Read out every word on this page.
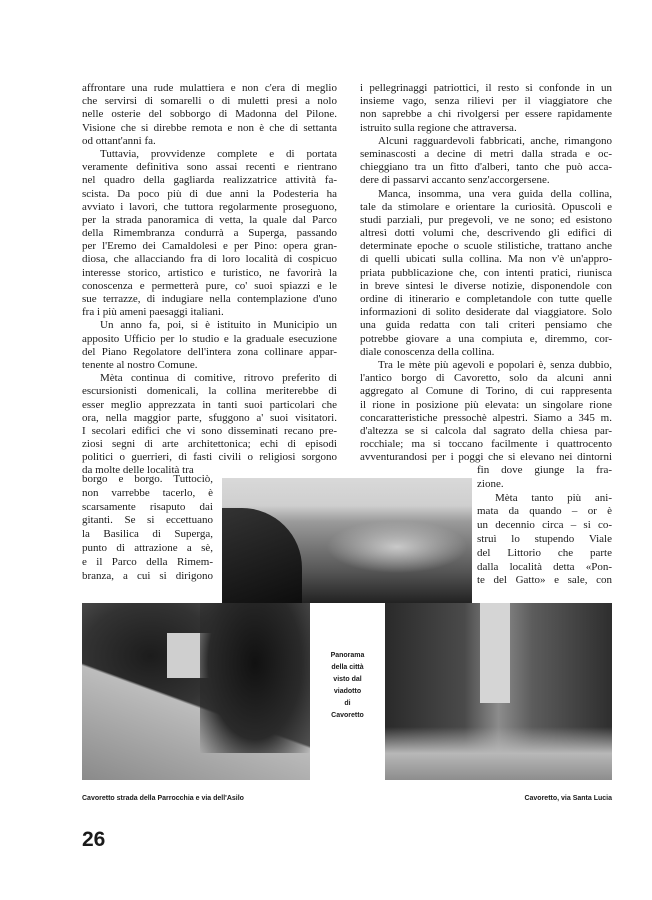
affrontare una rude mulattiera e non c'era di meglio
che servirsi di somarelli o di muletti presi a nolo
nelle osterie del sobborgo di Madonna del Pilone.
Visione che si direbbe remota e non è che di settanta
od ottant'anni fa.
Tuttavia, provvidenze complete e di portata
veramente definitiva sono assai recenti e rientrano
nel quadro della gagliarda realizzatrice attività fa-
scista. Da poco più di due anni la Podesteria ha
avviato i lavori, che tuttora regolarmente proseguono,
per la strada panoramica di vetta, la quale dal Parco
della Rimembranza condurrà a Superga, passando
per l'Eremo dei Camaldolesi e per Pino: opera gran-
diosa, che allacciando fra di loro località di cospicuo
interesse storico, artistico e turistico, ne favorirà la
conoscenza e permetterà pure, co' suoi spiazzi e le
sue terrazze, di indugiare nella contemplazione d'uno
fra i più ameni paesaggi italiani.
Un anno fa, poi, si è istituito in Municipio un
apposito Ufficio per lo studio e la graduale esecuzione
del Piano Regolatore dell'intera zona collinare appar-
tenente al nostro Comune.
Mèta continua di comitive, ritrovo preferito di
escursionisti domenicali, la collina meriterebbe di
esser meglio apprezzata in tanti suoi particolari che
ora, nella maggior parte, sfuggono a' suoi visitatori.
I secolari edifici che vi sono disseminati recano pre-
ziosi segni di arte architettonica; echi di episodi
politici o guerrieri, di fasti civili o religiosi sorgono
da molte delle località tra
borgo e borgo. Tuttociò,
non varrebbe tacerlo, è
scarsamente risaputo dai
gitanti. Se si eccettuano
la Basilica di Superga,
punto di attrazione a sè,
e il Parco della Rimem-
branza, a cui si dirigono
i pellegrinaggi patriottici, il resto si confonde in un
insieme vago, senza rilievi per il viaggiatore che
non saprebbe a chi rivolgersi per essere rapidamente
istruito sulla regione che attraversa.
Alcuni ragguardevoli fabbricati, anche, rimangono
seminascosti a decine di metri dalla strada e oc-
chieggiano tra un fitto d'alberi, tanto che può acca-
dere di passarvi accanto senz'accorgersene.
Manca, insomma, una vera guida della collina,
tale da stimolare e orientare la curiosità. Opuscoli e
studi parziali, pur pregevoli, ve ne sono; ed esistono
altresì dotti volumi che, descrivendo gli edifici di
determinate epoche o scuole stilistiche, trattano anche
di quelli ubicati sulla collina. Ma non v'è un'appro-
priata pubblicazione che, con intenti pratici, riunisca
in breve sintesi le diverse notizie, disponendole con
ordine di itinerario e completandole con tutte quelle
informazioni di solito desiderate dal viaggiatore. Solo
una guida redatta con tali criteri pensiamo che
potrebbe giovare a una compiuta e, diremmo, cor-
diale conoscenza della collina.
Tra le mète più agevoli e popolari è, senza dubbio,
l'antico borgo di Cavoretto, solo da alcuni anni
aggregato al Comune di Torino, di cui rappresenta
il rione in posizione più elevata: un singolare rione
concaratteristiche pressochè alpestri. Siamo a 345 m.
d'altezza se si calcola dal sagrato della chiesa par-
rocchiale; ma si toccano facilmente i quattrocento
avventurandosi per i poggi che si elevano nei dintorni
fin dove giunge la fra-
zione.
Mèta tanto più ani-
mata da quando – or è
un decennio circa – si co-
struì lo stupendo Viale
del Littorio che parte
dalla località detta «Pon-
te del Gatto» e sale, con
Panorama
della città
visto dal
viadotto
di
Cavoretto
Cavoretto strada della Parrocchia e via dell'Asilo	Cavoretto, via Santa Lucia
26
